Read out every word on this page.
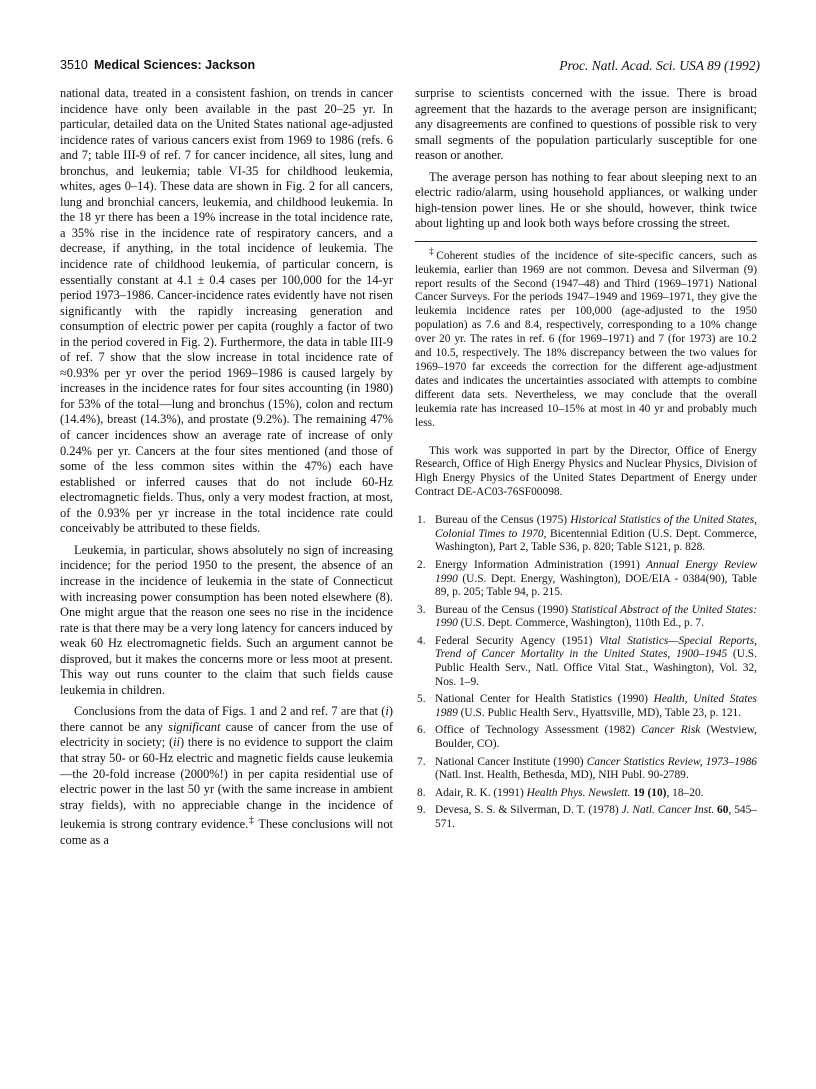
3510 Medical Sciences: Jackson	Proc. Natl. Acad. Sci. USA 89 (1992)

national data, treated in a consistent fashion, on trends in cancer incidence have only been available in the past 20–25 yr. In particular, detailed data on the United States national age-adjusted incidence rates of various cancers exist from 1969 to 1986 (refs. 6 and 7; table III-9 of ref. 7 for cancer incidence, all sites, lung and bronchus, and leukemia; table VI-35 for childhood leukemia, whites, ages 0–14). These data are shown in Fig. 2 for all cancers, lung and bronchial cancers, leukemia, and childhood leukemia. In the 18 yr there has been a 19% increase in the total incidence rate, a 35% rise in the incidence rate of respiratory cancers, and a decrease, if anything, in the total incidence of leukemia. The incidence rate of childhood leukemia, of particular concern, is essentially constant at 4.1 ± 0.4 cases per 100,000 for the 14-yr period 1973–1986. Cancer-incidence rates evidently have not risen significantly with the rapidly increasing generation and consumption of electric power per capita (roughly a factor of two in the period covered in Fig. 2). Furthermore, the data in table III-9 of ref. 7 show that the slow increase in total incidence rate of ≈0.93% per yr over the period 1969–1986 is caused largely by increases in the incidence rates for four sites accounting (in 1980) for 53% of the total—lung and bronchus (15%), colon and rectum (14.4%), breast (14.3%), and prostate (9.2%). The remaining 47% of cancer incidences show an average rate of increase of only 0.24% per yr. Cancers at the four sites mentioned (and those of some of the less common sites within the 47%) each have established or inferred causes that do not include 60-Hz electromagnetic fields. Thus, only a very modest fraction, at most, of the 0.93% per yr increase in the total incidence rate could conceivably be attributed to these fields.

Leukemia, in particular, shows absolutely no sign of increasing incidence; for the period 1950 to the present, the absence of an increase in the incidence of leukemia in the state of Connecticut with increasing power consumption has been noted elsewhere (8). One might argue that the reason one sees no rise in the incidence rate is that there may be a very long latency for cancers induced by weak 60 Hz electromagnetic fields. Such an argument cannot be disproved, but it makes the concerns more or less moot at present. This way out runs counter to the claim that such fields cause leukemia in children.

Conclusions from the data of Figs. 1 and 2 and ref. 7 are that (i) there cannot be any significant cause of cancer from the use of electricity in society; (ii) there is no evidence to support the claim that stray 50- or 60-Hz electric and magnetic fields cause leukemia—the 20-fold increase (2000%!) in per capita residential use of electric power in the last 50 yr (with the same increase in ambient stray fields), with no appreciable change in the incidence of leukemia is strong contrary evidence.‡ These conclusions will not come as a

surprise to scientists concerned with the issue. There is broad agreement that the hazards to the average person are insignificant; any disagreements are confined to questions of possible risk to very small segments of the population particularly susceptible for one reason or another.

The average person has nothing to fear about sleeping next to an electric radio/alarm, using household appliances, or walking under high-tension power lines. He or she should, however, think twice about lighting up and look both ways before crossing the street.

‡Coherent studies of the incidence of site-specific cancers, such as leukemia, earlier than 1969 are not common. Devesa and Silverman (9) report results of the Second (1947–48) and Third (1969–1971) National Cancer Surveys. For the periods 1947–1949 and 1969–1971, they give the leukemia incidence rates per 100,000 (age-adjusted to the 1950 population) as 7.6 and 8.4, respectively, corresponding to a 10% change over 20 yr. The rates in ref. 6 (for 1969–1971) and 7 (for 1973) are 10.2 and 10.5, respectively. The 18% discrepancy between the two values for 1969–1970 far exceeds the correction for the different age-adjustment dates and indicates the uncertainties associated with attempts to combine different data sets. Nevertheless, we may conclude that the overall leukemia rate has increased 10–15% at most in 40 yr and probably much less.

This work was supported in part by the Director, Office of Energy Research, Office of High Energy Physics and Nuclear Physics, Division of High Energy Physics of the United States Department of Energy under Contract DE-AC03-76SF00098.

1. Bureau of the Census (1975) Historical Statistics of the United States, Colonial Times to 1970, Bicentennial Edition (U.S. Dept. Commerce, Washington), Part 2, Table S36, p. 820; Table S121, p. 828.
2. Energy Information Administration (1991) Annual Energy Review 1990 (U.S. Dept. Energy, Washington), DOE/EIA - 0384(90), Table 89, p. 205; Table 94, p. 215.
3. Bureau of the Census (1990) Statistical Abstract of the United States: 1990 (U.S. Dept. Commerce, Washington), 110th Ed., p. 7.
4. Federal Security Agency (1951) Vital Statistics—Special Reports, Trend of Cancer Mortality in the United States, 1900–1945 (U.S. Public Health Serv., Natl. Office Vital Stat., Washington), Vol. 32, Nos. 1–9.
5. National Center for Health Statistics (1990) Health, United States 1989 (U.S. Public Health Serv., Hyattsville, MD), Table 23, p. 121.
6. Office of Technology Assessment (1982) Cancer Risk (Westview, Boulder, CO).
7. National Cancer Institute (1990) Cancer Statistics Review, 1973–1986 (Natl. Inst. Health, Bethesda, MD), NIH Publ. 90-2789.
8. Adair, R. K. (1991) Health Phys. Newslett. 19 (10), 18–20.
9. Devesa, S. S. & Silverman, D. T. (1978) J. Natl. Cancer Inst. 60, 545–571.
